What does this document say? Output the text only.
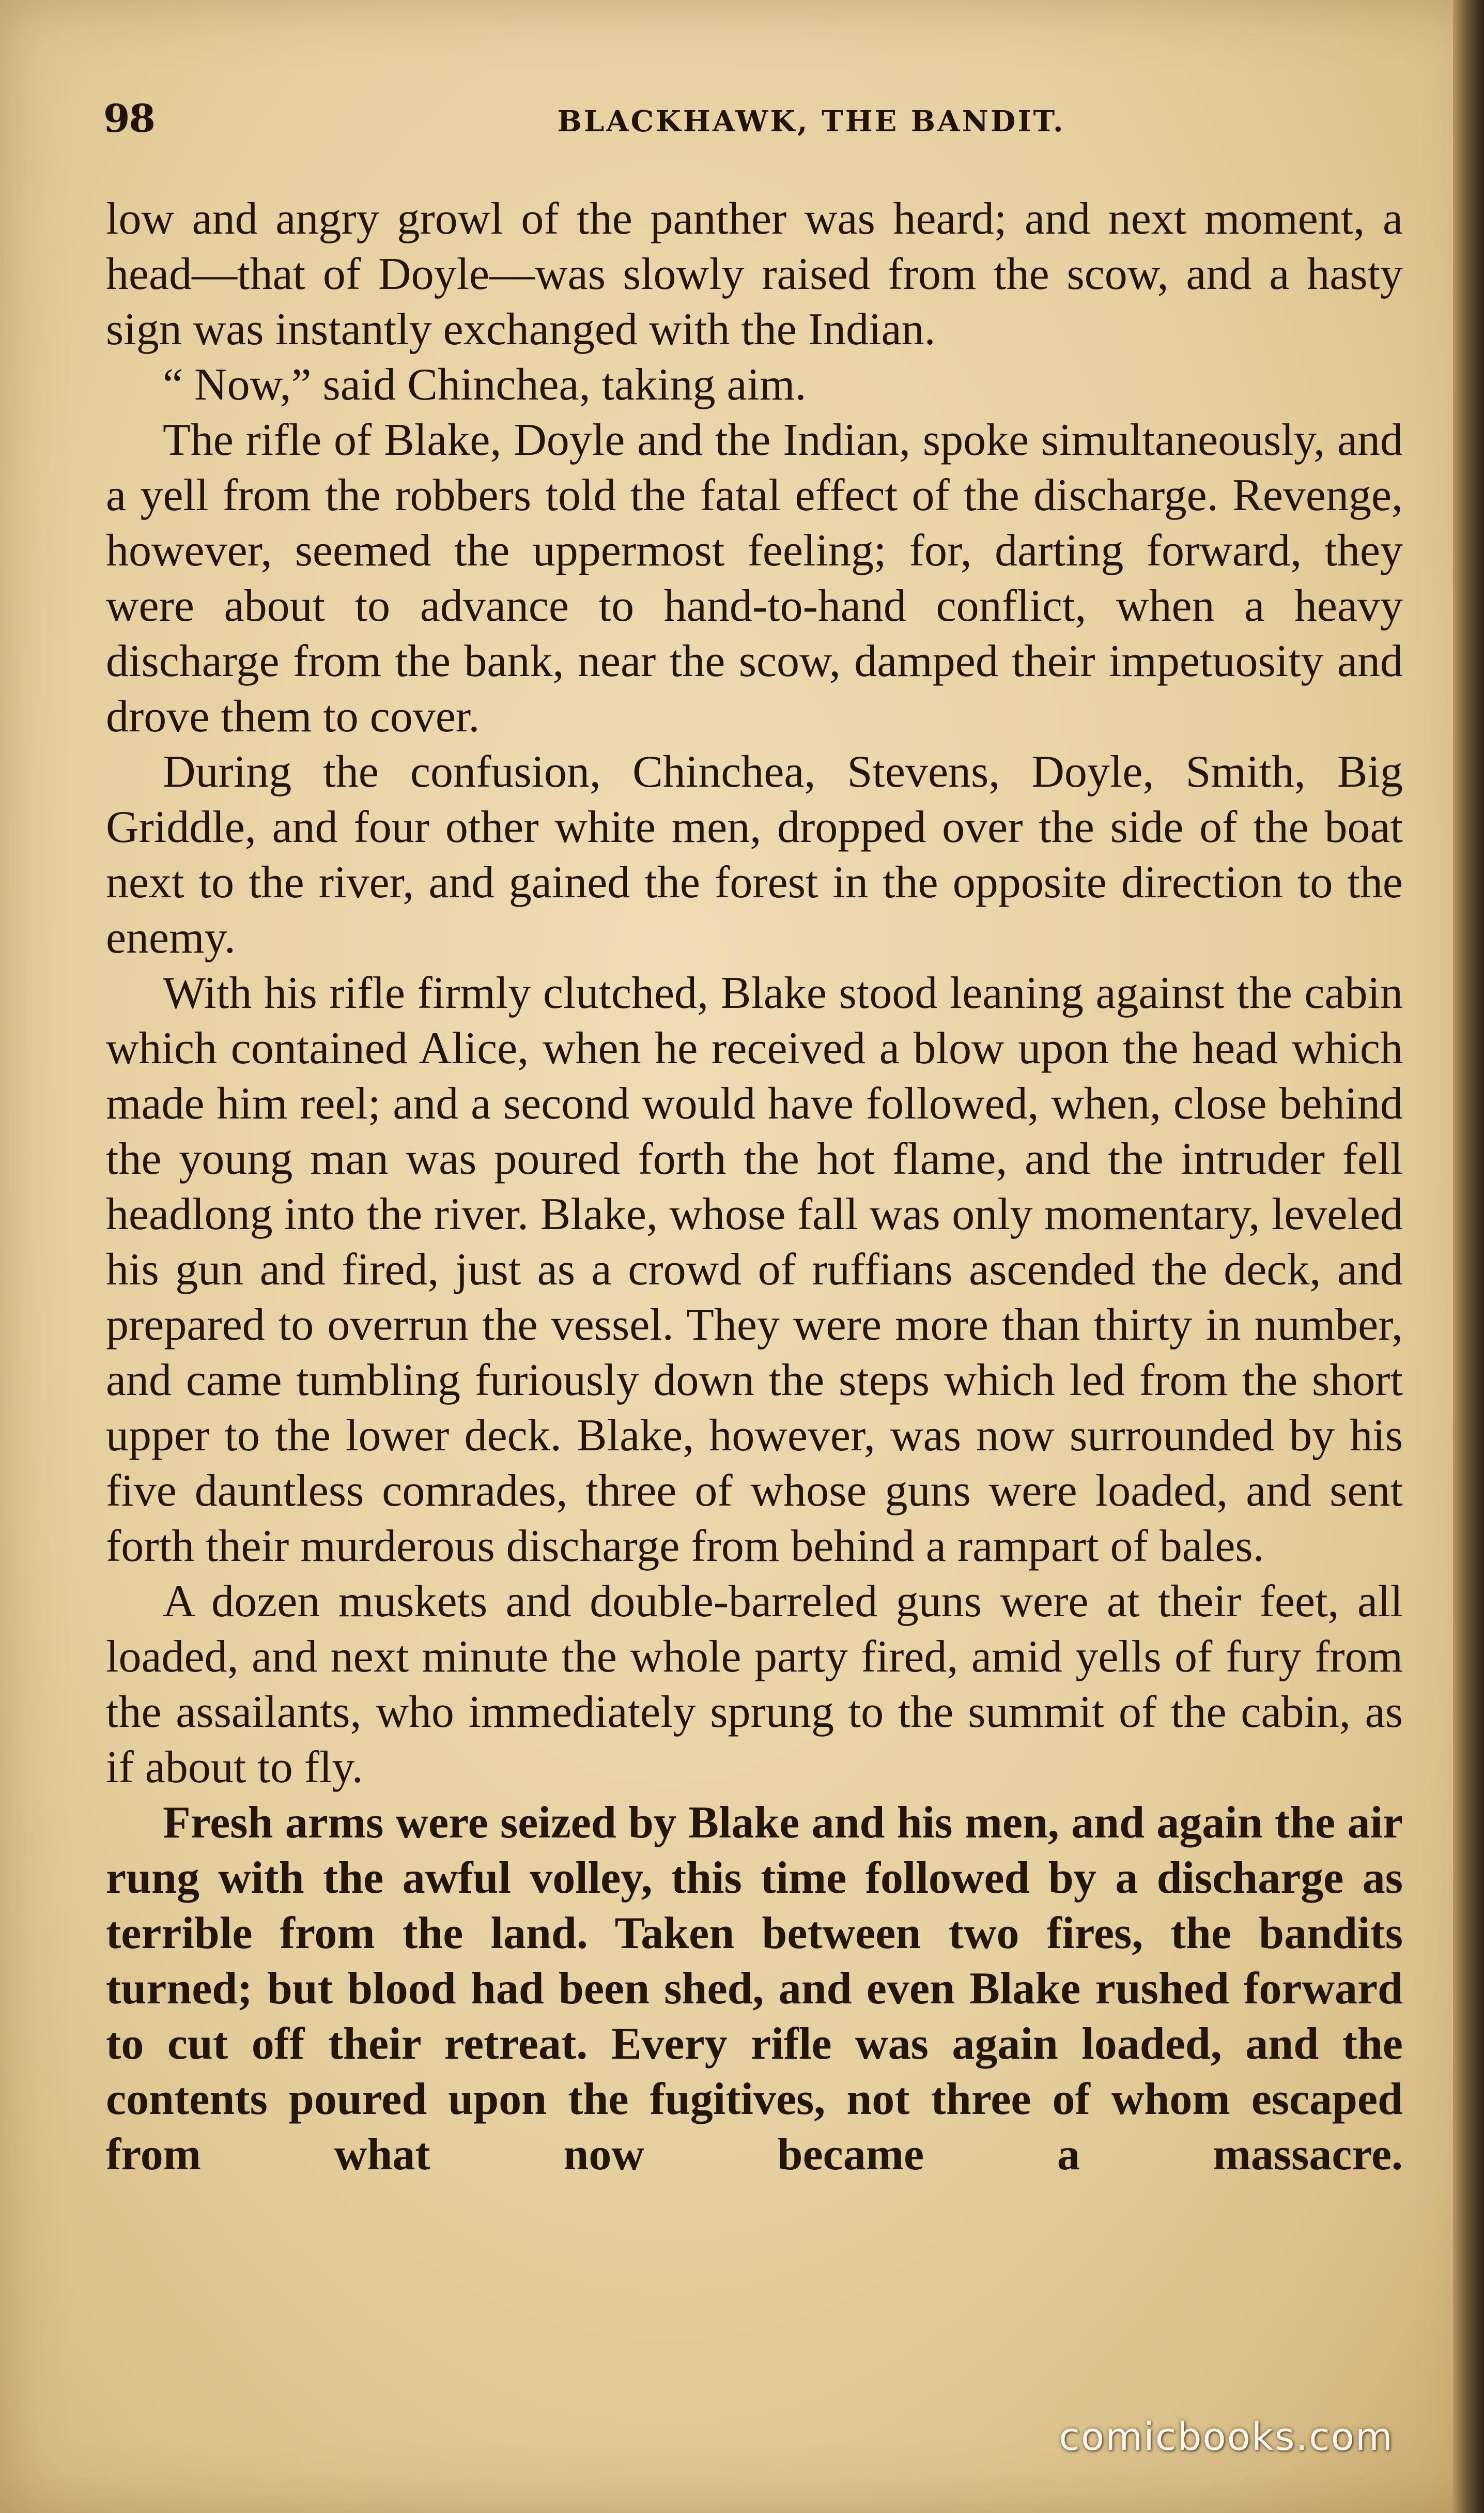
98	BLACKHAWK, THE BANDIT.

low and angry growl of the panther was heard; and next moment, a head—that of Doyle—was slowly raised from the scow, and a hasty sign was instantly exchanged with the Indian.

“ Now,” said Chinchea, taking aim.

The rifle of Blake, Doyle and the Indian, spoke simultaneously, and a yell from the robbers told the fatal effect of the discharge. Revenge, however, seemed the uppermost feeling; for, darting forward, they were about to advance to hand-to-hand conflict, when a heavy discharge from the bank, near the scow, damped their impetuosity and drove them to cover.

During the confusion, Chinchea, Stevens, Doyle, Smith, Big Griddle, and four other white men, dropped over the side of the boat next to the river, and gained the forest in the opposite direction to the enemy.

With his rifle firmly clutched, Blake stood leaning against the cabin which contained Alice, when he received a blow upon the head which made him reel; and a second would have followed, when, close behind the young man was poured forth the hot flame, and the intruder fell headlong into the river. Blake, whose fall was only momentary, leveled his gun and fired, just as a crowd of ruffians ascended the deck, and prepared to overrun the vessel. They were more than thirty in number, and came tumbling furiously down the steps which led from the short upper to the lower deck. Blake, however, was now surrounded by his five dauntless comrades, three of whose guns were loaded, and sent forth their murderous discharge from behind a rampart of bales.

A dozen muskets and double-barreled guns were at their feet, all loaded, and next minute the whole party fired, amid yells of fury from the assailants, who immediately sprung to the summit of the cabin, as if about to fly.

Fresh arms were seized by Blake and his men, and again the air rung with the awful volley, this time followed by a discharge as terrible from the land. Taken between two fires, the bandits turned; but blood had been shed, and even Blake rushed forward to cut off their retreat. Every rifle was again loaded, and the contents poured upon the fugitives, not three of whom escaped from what now became a massacre.

comicbooks.com
